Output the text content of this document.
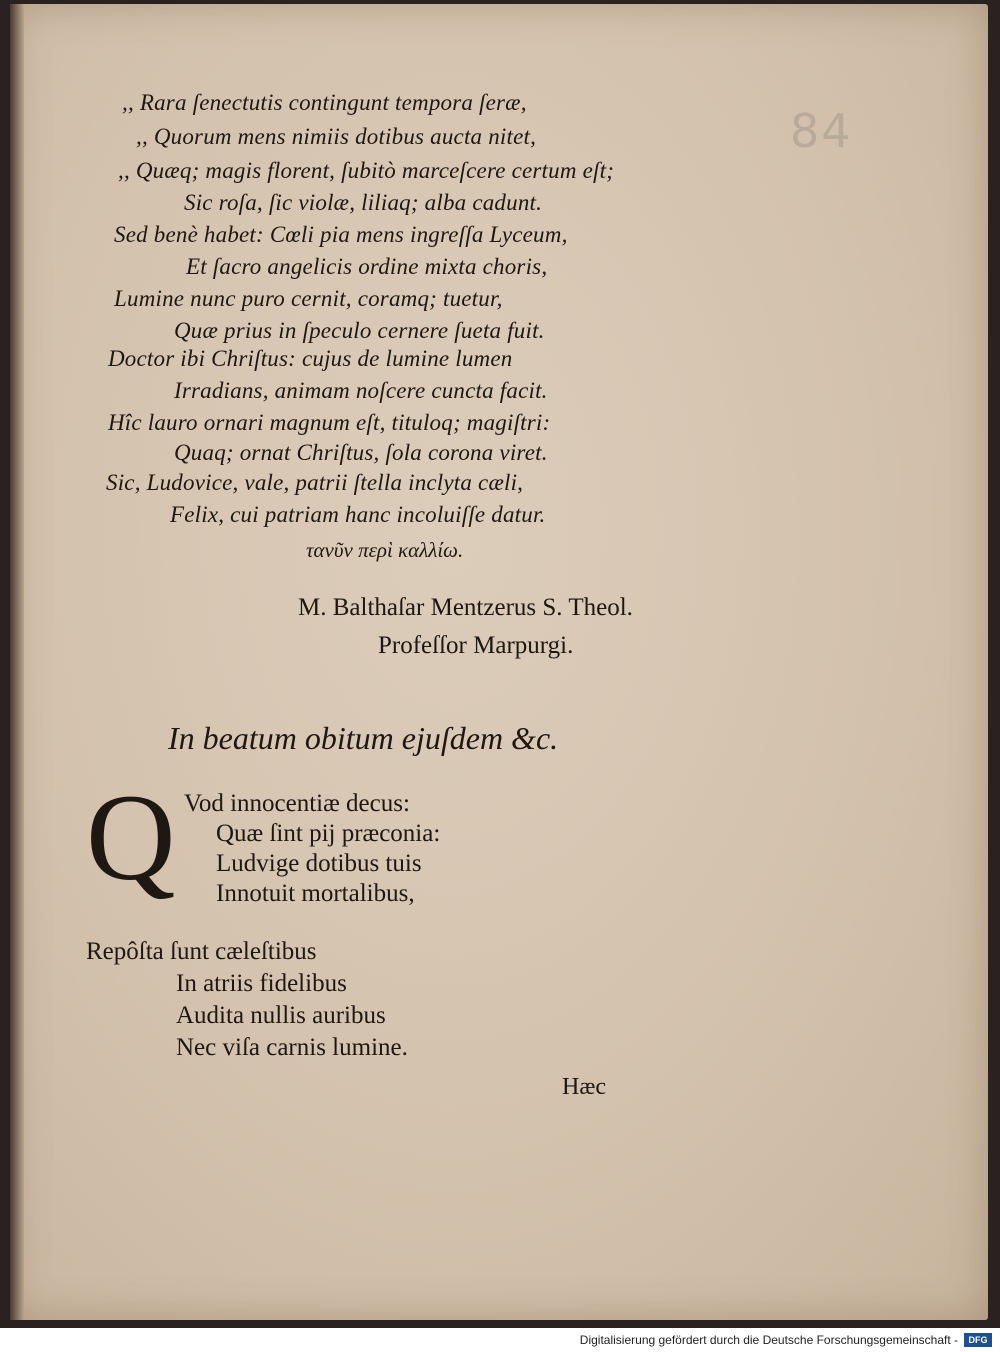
84
,, Rara ſenectutis contingunt tempora ſeræ,
,, Quorum mens nimiis dotibus aucta nitet,
,, Quæq; magis florent, ſubitò marceſcere certum eſt;
Sic roſa, ſic violæ, liliaq; alba cadunt.
Sed benè habet: Cœli pia mens ingreſſa Lyceum,
Et ſacro angelicis ordine mixta choris,
Lumine nunc puro cernit, coramq; tuetur,
Quæ prius in ſpeculo cernere ſueta fuit.
Doctor ibi Chriſtus: cujus de lumine lumen
Irradians, animam noſcere cuncta facit.
Hîc lauro ornari magnum eſt, tituloq; magiſtri:
Quaq; ornat Chriſtus, ſola corona viret.
Sic, Ludovice, vale, patrii ſtella inclyta cæli,
Felix, cui patriam hanc incoluiſſe datur.
τανῦν περὶ καλλίω.
M. Balthaſar Mentzerus S. Theol.
Profeſſor Marpurgi.
In beatum obitum ejuſdem &c.
Q Vod innocentiæ decus:
Quæ ſint pij præconia:
Ludvige dotibus tuis
Innotuit mortalibus,
Repôſta ſunt cæleſtibus
In atriis fidelibus
Audita nullis auribus
Nec viſa carnis lumine.
Hæc
Digitalisierung gefördert durch die Deutsche Forschungsgemeinschaft -	DFG
